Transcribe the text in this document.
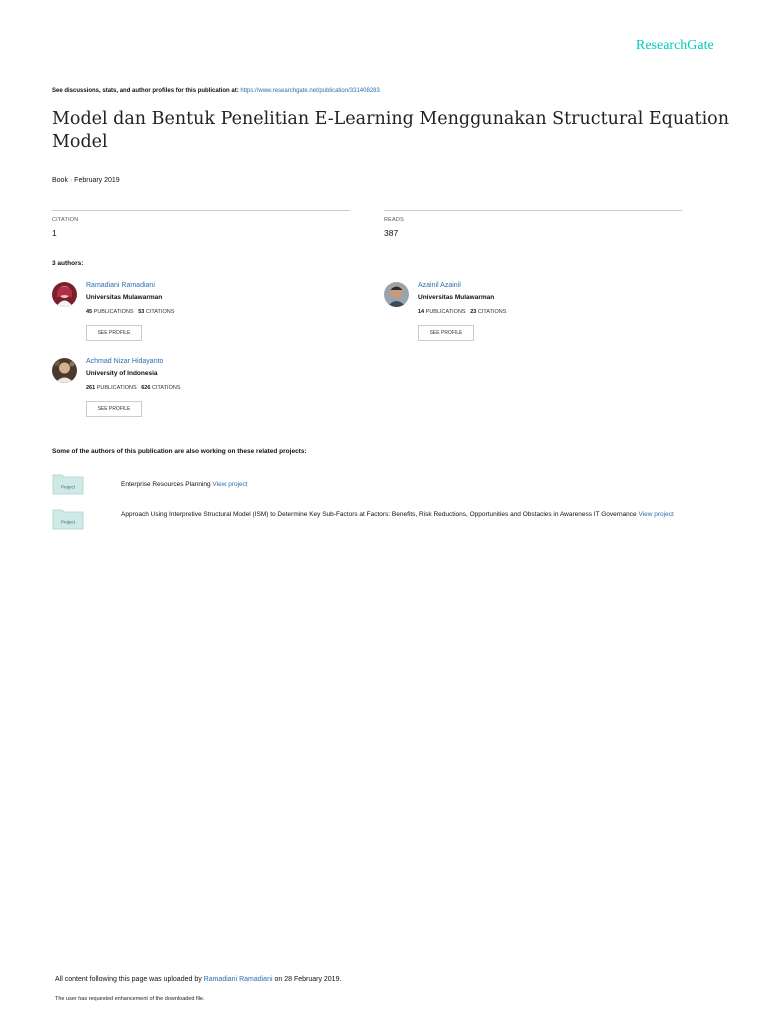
ResearchGate
See discussions, stats, and author profiles for this publication at: https://www.researchgate.net/publication/331408283
Model dan Bentuk Penelitian E-Learning Menggunakan Structural Equation Model
Book · February 2019
CITATION
1
READS
387
3 authors:
Ramadiani Ramadiani
Universitas Mulawarman
45 PUBLICATIONS 53 CITATIONS
SEE PROFILE
Azainil Azainil
Universitas Mulawarman
14 PUBLICATIONS 23 CITATIONS
SEE PROFILE
Achmad Nizar Hidayanto
University of Indonesia
261 PUBLICATIONS 626 CITATIONS
SEE PROFILE
Some of the authors of this publication are also working on these related projects:
Project	Enterprise Resources Planning View project
Project
Approach Using Interpretive Structural Model (ISM) to Determine Key Sub-Factors at Factors: Benefits, Risk Reductions, Opportunities and Obstacles in Awareness IT Governance View project
All content following this page was uploaded by Ramadiani Ramadiani on 28 February 2019.
The user has requested enhancement of the downloaded file.
